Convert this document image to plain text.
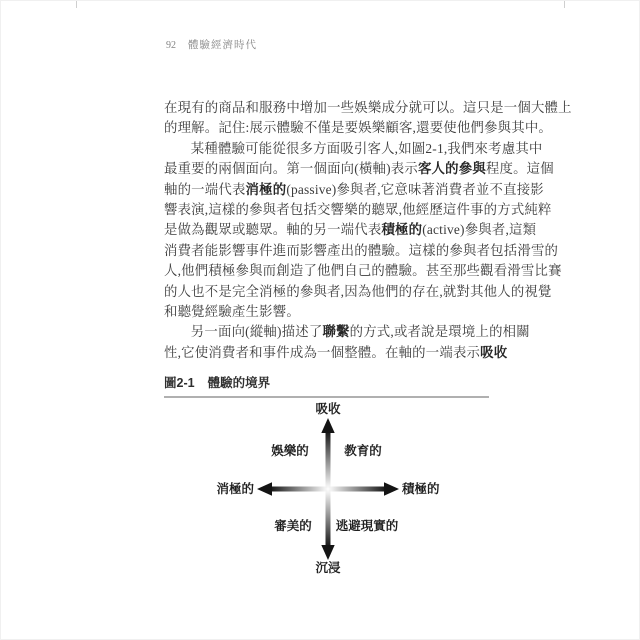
92 體驗經濟時代
在現有的商品和服務中增加一些娛樂成分就可以。這只是一個大體上
的理解。記住:展示體驗不僅是要娛樂顧客,還要使他們參與其中。
某種體驗可能從很多方面吸引客人,如圖2-1,我們來考慮其中
最重要的兩個面向。第一個面向(橫軸)表示客人的參與程度。這個
軸的一端代表消極的(passive)參與者,它意味著消費者並不直接影
響表演,這樣的參與者包括交響樂的聽眾,他經歷這件事的方式純粹
是做為觀眾或聽眾。軸的另一端代表積極的(active)參與者,這類
消費者能影響事件進而影響產出的體驗。這樣的參與者包括滑雪的
人,他們積極參與而創造了他們自己的體驗。甚至那些觀看滑雪比賽
的人也不是完全消極的參與者,因為他們的存在,就對其他人的視覺
和聽覺經驗產生影響。
另一面向(縱軸)描述了聯繫的方式,或者說是環境上的相關
性,它使消費者和事件成為一個整體。在軸的一端表示吸收
圖2-1 體驗的境界
吸收
沉浸
消極的	積極的
娛樂的	教育的
審美的 逃避現實的
